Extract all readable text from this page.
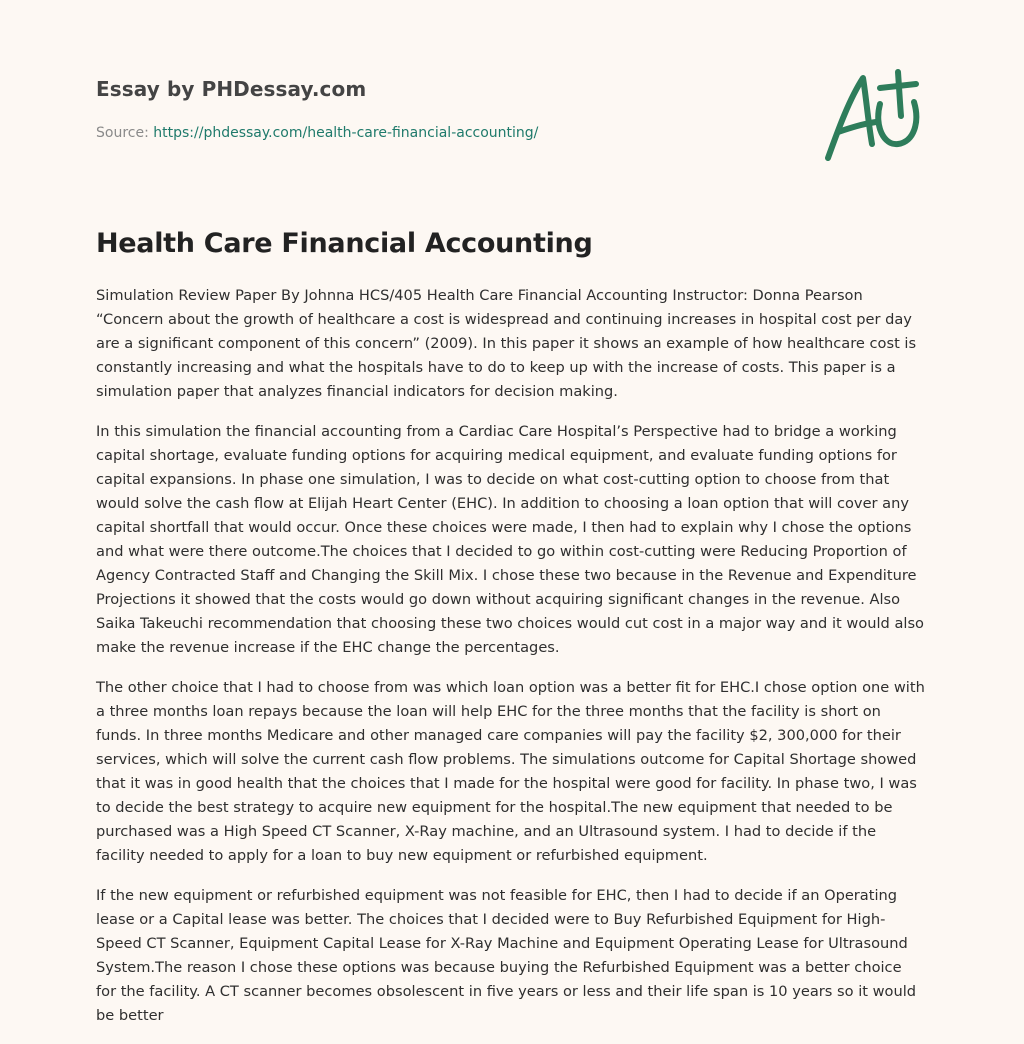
Essay by PHDessay.com
Source: https://phdessay.com/health-care-financial-accounting/
Health Care Financial Accounting

Simulation Review Paper By Johnna HCS/405 Health Care Financial Accounting Instructor: Donna Pearson “Concern about the growth of healthcare a cost is widespread and continuing increases in hospital cost per day are a significant component of this concern” (2009). In this paper it shows an example of how healthcare cost is constantly increasing and what the hospitals have to do to keep up with the increase of costs. This paper is a simulation paper that analyzes financial indicators for decision making.

In this simulation the financial accounting from a Cardiac Care Hospital’s Perspective had to bridge a working capital shortage, evaluate funding options for acquiring medical equipment, and evaluate funding options for capital expansions. In phase one simulation, I was to decide on what cost-cutting option to choose from that would solve the cash flow at Elijah Heart Center (EHC). In addition to choosing a loan option that will cover any capital shortfall that would occur. Once these choices were made, I then had to explain why I chose the options and what were there outcome.The choices that I decided to go within cost-cutting were Reducing Proportion of Agency Contracted Staff and Changing the Skill Mix. I chose these two because in the Revenue and Expenditure Projections it showed that the costs would go down without acquiring significant changes in the revenue. Also Saika Takeuchi recommendation that choosing these two choices would cut cost in a major way and it would also make the revenue increase if the EHC change the percentages.

The other choice that I had to choose from was which loan option was a better fit for EHC.I chose option one with a three months loan repays because the loan will help EHC for the three months that the facility is short on funds. In three months Medicare and other managed care companies will pay the facility $2, 300,000 for their services, which will solve the current cash flow problems. The simulations outcome for Capital Shortage showed that it was in good health that the choices that I made for the hospital were good for facility. In phase two, I was to decide the best strategy to acquire new equipment for the hospital.The new equipment that needed to be purchased was a High Speed CT Scanner, X-Ray machine, and an Ultrasound system. I had to decide if the facility needed to apply for a loan to buy new equipment or refurbished equipment.

If the new equipment or refurbished equipment was not feasible for EHC, then I had to decide if an Operating lease or a Capital lease was better. The choices that I decided were to Buy Refurbished Equipment for High-Speed CT Scanner, Equipment Capital Lease for X-Ray Machine and Equipment Operating Lease for Ultrasound System.The reason I chose these options was because buying the Refurbished Equipment was a better choice for the facility. A CT scanner becomes obsolescent in five years or less and their life span is 10 years so it would be better
